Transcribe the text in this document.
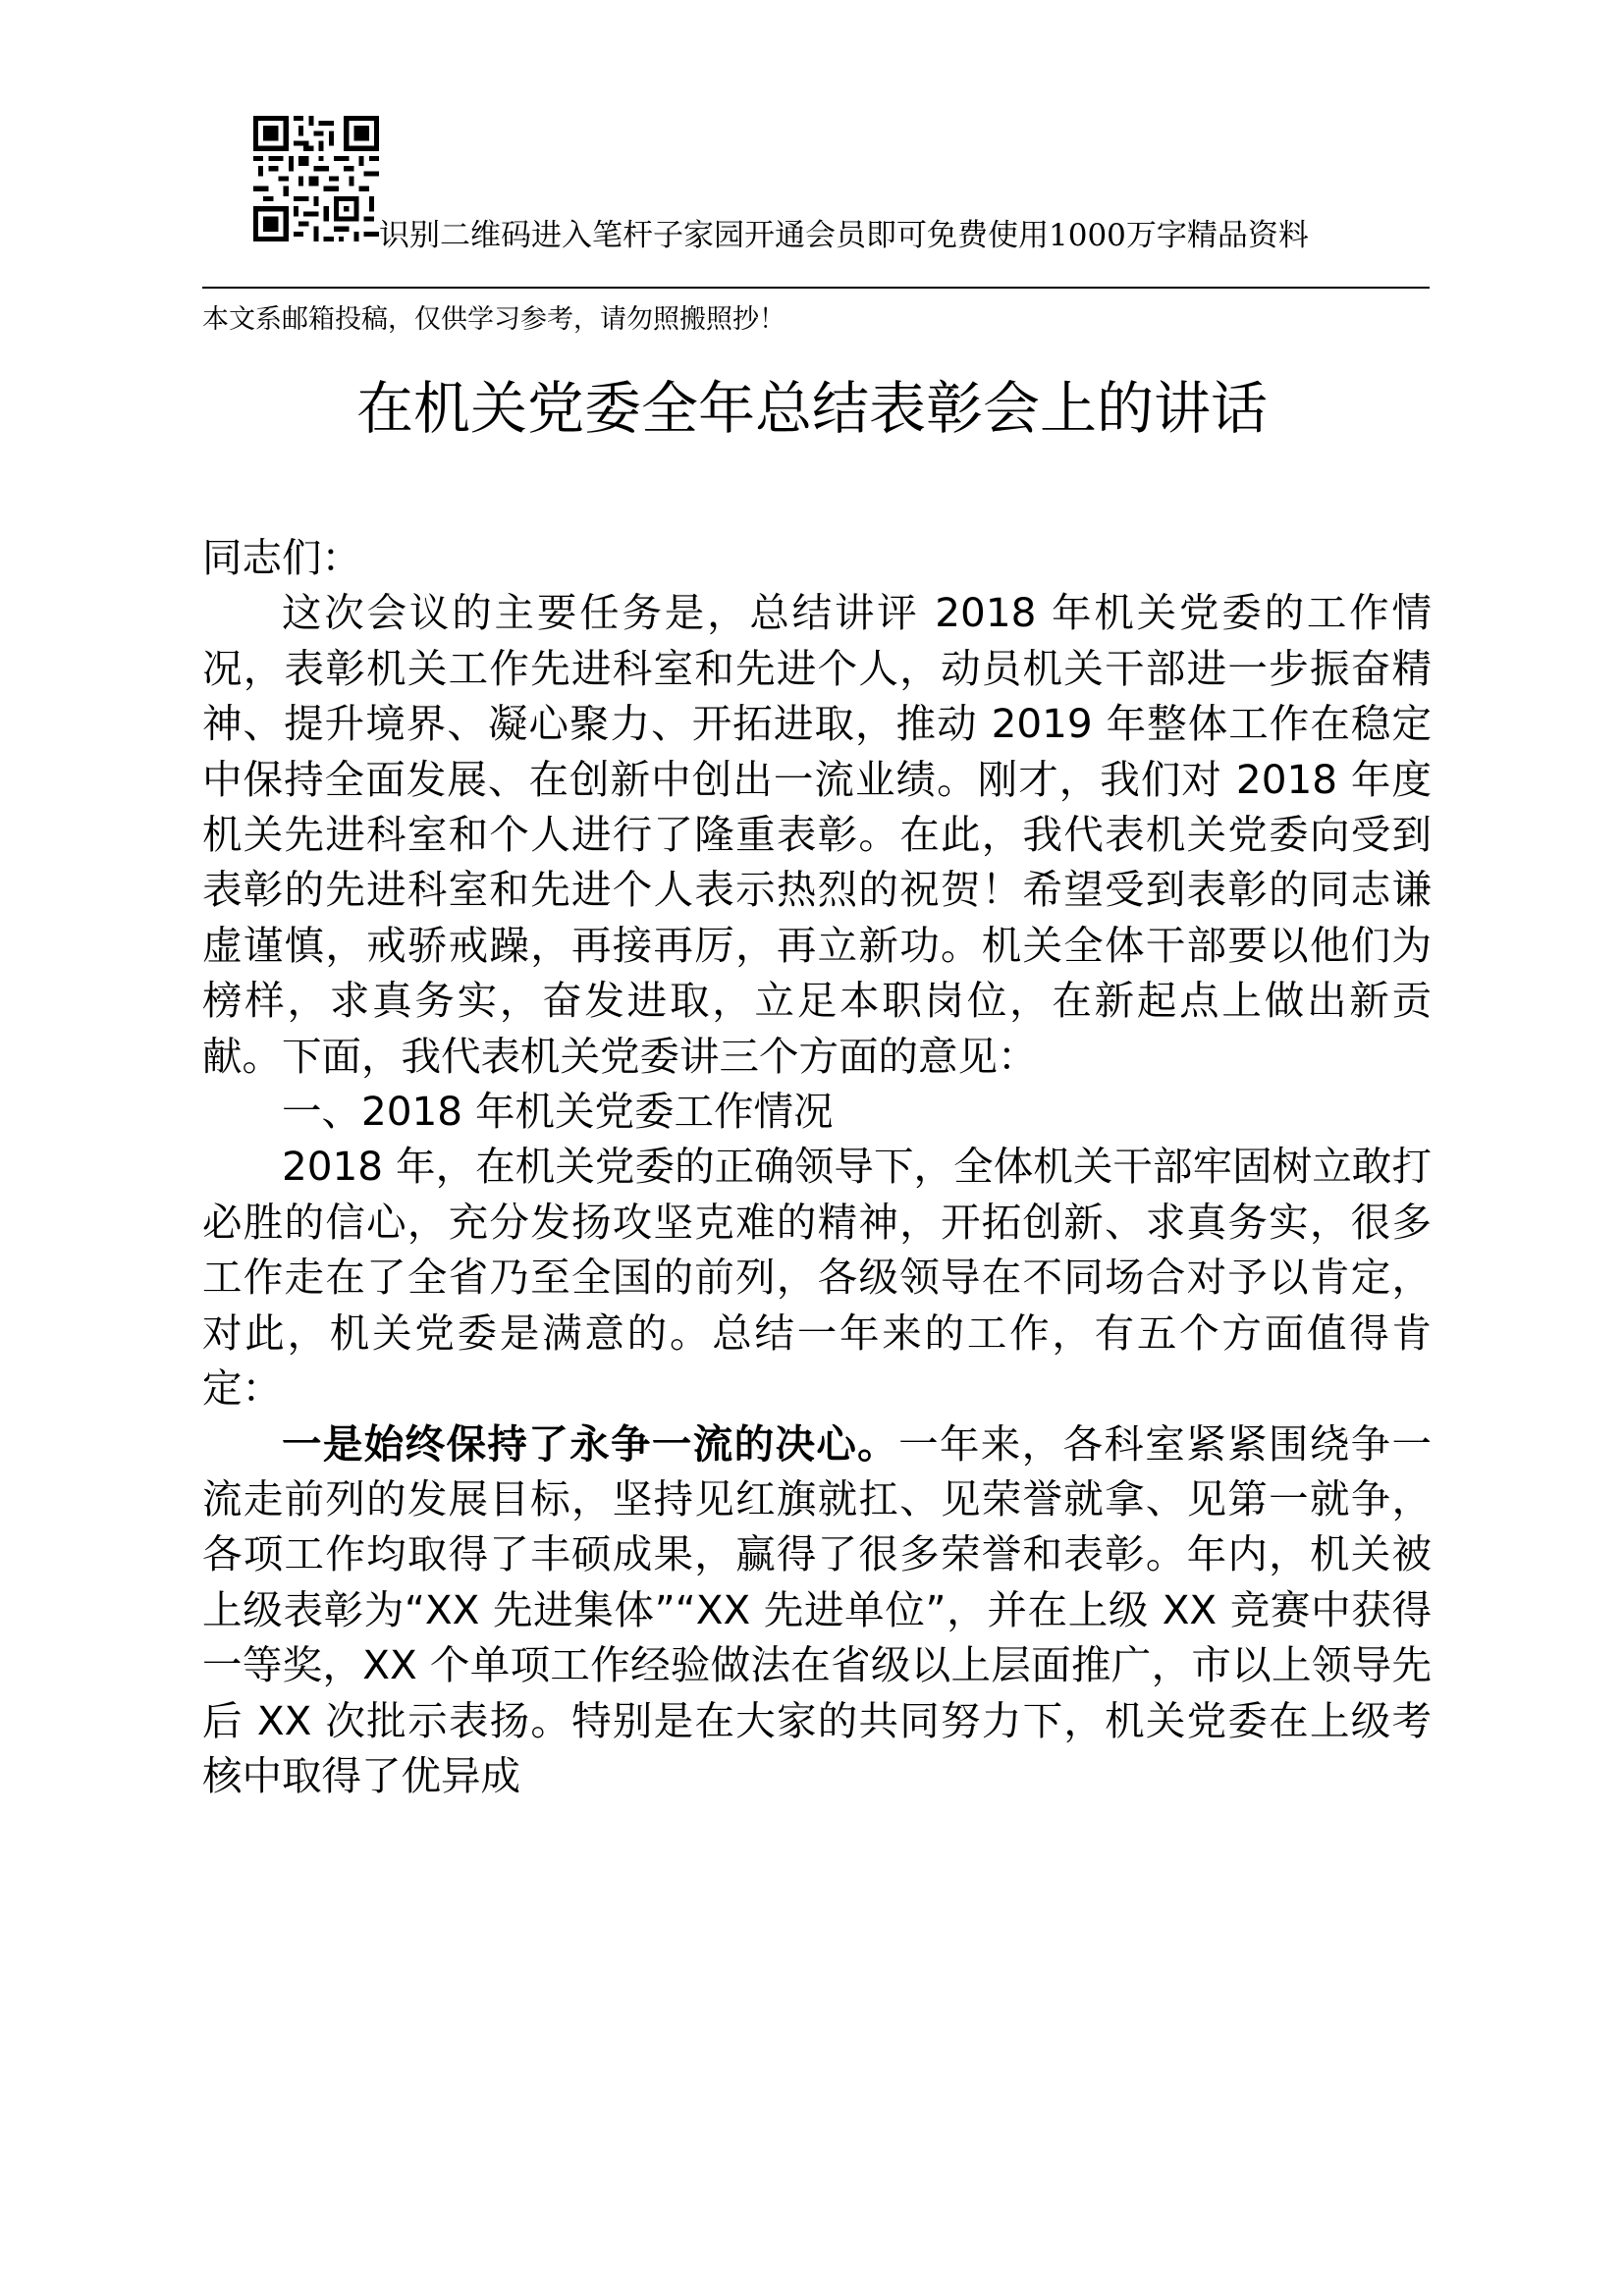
识别二维码进入笔杆子家园开通会员即可免费使用1000万字精品资料
本文系邮箱投稿，仅供学习参考，请勿照搬照抄！
在机关党委全年总结表彰会上的讲话

同志们：

这次会议的主要任务是，总结讲评 2018 年机关党委的工作情况，表彰机关工作先进科室和先进个人，动员机关干部进一步振奋精神、提升境界、凝心聚力、开拓进取，推动 2019 年整体工作在稳定中保持全面发展、在创新中创出一流业绩。刚才，我们对 2018 年度机关先进科室和个人进行了隆重表彰。在此，我代表机关党委向受到表彰的先进科室和先进个人表示热烈的祝贺！希望受到表彰的同志谦虚谨慎，戒骄戒躁，再接再厉，再立新功。机关全体干部要以他们为榜样，求真务实，奋发进取，立足本职岗位，在新起点上做出新贡献。下面，我代表机关党委讲三个方面的意见：

一、2018 年机关党委工作情况

2018 年，在机关党委的正确领导下，全体机关干部牢固树立敢打必胜的信心，充分发扬攻坚克难的精神，开拓创新、求真务实，很多工作走在了全省乃至全国的前列，各级领导在不同场合对予以肯定，对此，机关党委是满意的。总结一年来的工作，有五个方面值得肯定：

一是始终保持了永争一流的决心。一年来，各科室紧紧围绕争一流走前列的发展目标，坚持见红旗就扛、见荣誉就拿、见第一就争，各项工作均取得了丰硕成果，赢得了很多荣誉和表彰。年内，机关被上级表彰为“XX 先进集体”“XX 先进单位”，并在上级 XX 竞赛中获得一等奖，XX 个单项工作经验做法在省级以上层面推广，市以上领导先后 XX 次批示表扬。特别是在大家的共同努力下，机关党委在上级考核中取得了优异成
